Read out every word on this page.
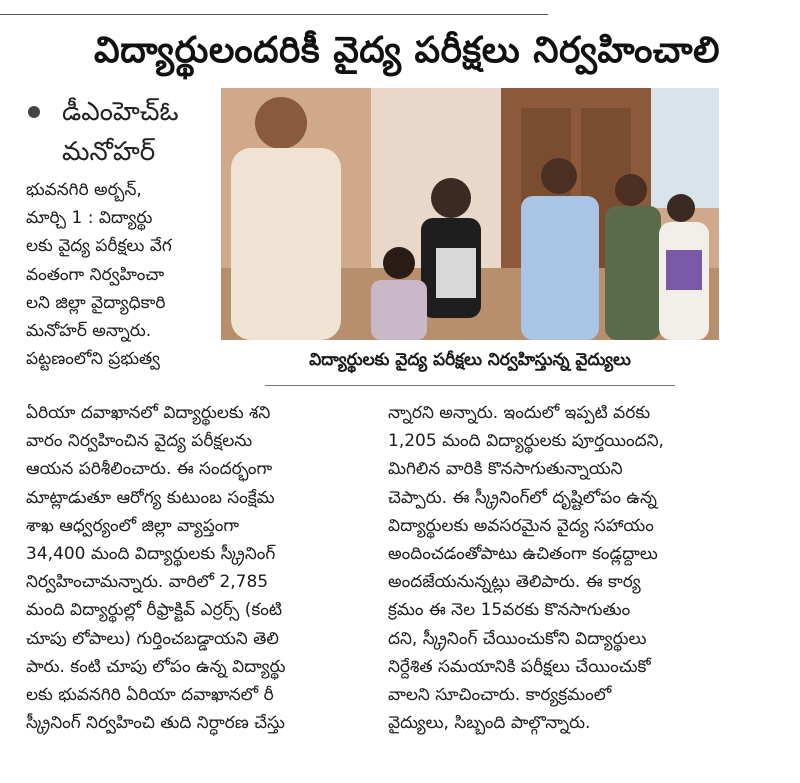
విద్యార్థులందరికీ వైద్య పరీక్షలు నిర్వహించాలి
డీఎంహెచ్‌ఓ
మనోహర్
భువనగిరి అర్బన్,
మార్చి 1 : విద్యార్థు
లకు వైద్య పరీక్షలు వేగ
వంతంగా నిర్వహించా
లని జిల్లా వైద్యాధికారి
మనోహర్ అన్నారు.
పట్టణంలోని ప్రభుత్వ	విద్యార్థులకు వైద్య పరీక్షలు నిర్వహిస్తున్న వైద్యులు
ఏరియా దవాఖానలో విద్యార్థులకు శని
వారం నిర్వహించిన వైద్య పరీక్షలను
ఆయన పరిశీలించారు. ఈ సందర్భంగా
మాట్లాడుతూ ఆరోగ్య కుటుంబ సంక్షేమ
శాఖ ఆధ్వర్యంలో జిల్లా వ్యాప్తంగా
34,400 మంది విద్యార్థులకు స్క్రీనింగ్
నిర్వహించామన్నారు. వారిలో 2,785
మంది విద్యార్థుల్లో రీఫ్రాక్టివ్ ఎర్రర్స్ (కంటి
చూపు లోపాలు) గుర్తించబడ్డాయని తెలి
పారు. కంటి చూపు లోపం ఉన్న విద్యార్థు
లకు భువనగిరి ఏరియా దవాఖానలో రీ
స్క్రీనింగ్ నిర్వహించి తుది నిర్ధారణ చేస్తు
న్నారని అన్నారు. ఇందులో ఇప్పటి వరకు
1,205 మంది విద్యార్థులకు పూర్తయిందని,
మిగిలిన వారికి కొనసాగుతున్నాయని
చెప్పారు. ఈ స్క్రీనింగ్‌లో దృష్టిలోపం ఉన్న
విద్యార్థులకు అవసరమైన వైద్య సహాయం
అందించడంతోపాటు ఉచితంగా కండ్లద్దాలు
అందజేయనున్నట్లు తెలిపారు. ఈ కార్య
క్రమం ఈ నెల 15వరకు కొనసాగుతుం
దని, స్క్రీనింగ్ చేయించుకోని విద్యార్థులు
నిర్దేశిత సమయానికి పరీక్షలు చేయించుకో
వాలని సూచించారు. కార్యక్రమంలో
వైద్యులు, సిబ్బంది పాల్గొన్నారు.
